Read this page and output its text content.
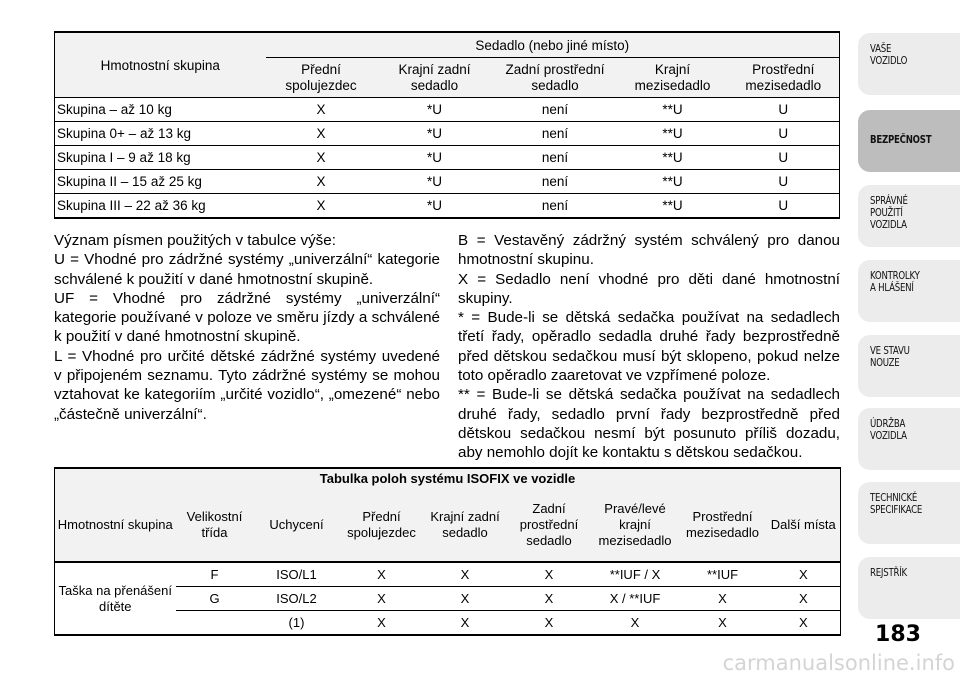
Hmotnostní skupina	Sedadlo (nebo jiné místo)				
	Přední spolujezdec	Krajní zadní sedadlo	Zadní prostřední sedadlo	Krajní mezisedadlo	Prostřední mezisedadlo
Skupina – až 10 kg	X	*U	není	**U	U
Skupina 0+ – až 13 kg	X	*U	není	**U	U
Skupina I – 9 až 18 kg	X	*U	není	**U	U
Skupina II – 15 až 25 kg	X	*U	není	**U	U
Skupina III – 22 až 36 kg	X	*U	není	**U	U

Význam písmen použitých v tabulce výše:

U = Vhodné pro zádržné systémy „univerzální“ kategorie schválené k použití v dané hmotnostní skupině.

UF = Vhodné pro zádržné systémy „univerzální“ kategorie používané v poloze ve směru jízdy a schválené k použití v dané hmotnostní skupině.

L = Vhodné pro určité dětské zádržné systémy uvedené v připojeném seznamu. Tyto zádržné systémy se mohou vztahovat ke kategoriím „určité vozidlo“, „omezené“ nebo „částečně univerzální“.

B = Vestavěný zádržný systém schválený pro danou hmotnostní skupinu.

X = Sedadlo není vhodné pro děti dané hmotnostní skupiny.

* = Bude-li se dětská sedačka používat na sedadlech třetí řady, opěradlo sedadla druhé řady bezprostředně před dětskou sedačkou musí být sklopeno, pokud nelze toto opěradlo zaaretovat ve vzpřímené poloze.

** = Bude-li se dětská sedačka používat na sedadlech druhé řady, sedadlo první řady bezprostředně před dětskou sedačkou nesmí být posunuto příliš dozadu, aby nemohlo dojít ke kontaktu s dětskou sedačkou.

Tabulka poloh systému ISOFIX ve vozidle								
Hmotnostní skupina	Velikostní třída	Uchycení	Přední spolujezdec	Krajní zadní sedadlo	Zadní prostřední sedadlo	Pravé/levé krajní mezisedadlo	Prostřední mezisedadlo	Další místa
Taška na přenášení dítěte	F	ISO/L1	X	X	X	**IUF / X	**IUF	X
	G	ISO/L2	X	X	X	X / **IUF	X	X
		(1)	X	X	X	X	X	X
VAŠE
VOZIDLO
BEZPEČNOST
SPRÁVNÉ
POUŽITÍ
VOZIDLA
KONTROLKY
A HLÁŠENÍ
VE STAVU
NOUZE
ÚDRŽBA
VOZIDLA
TECHNICKÉ
SPECIFIKACE
REJSTŘÍK
183
carmanualsonline.info
